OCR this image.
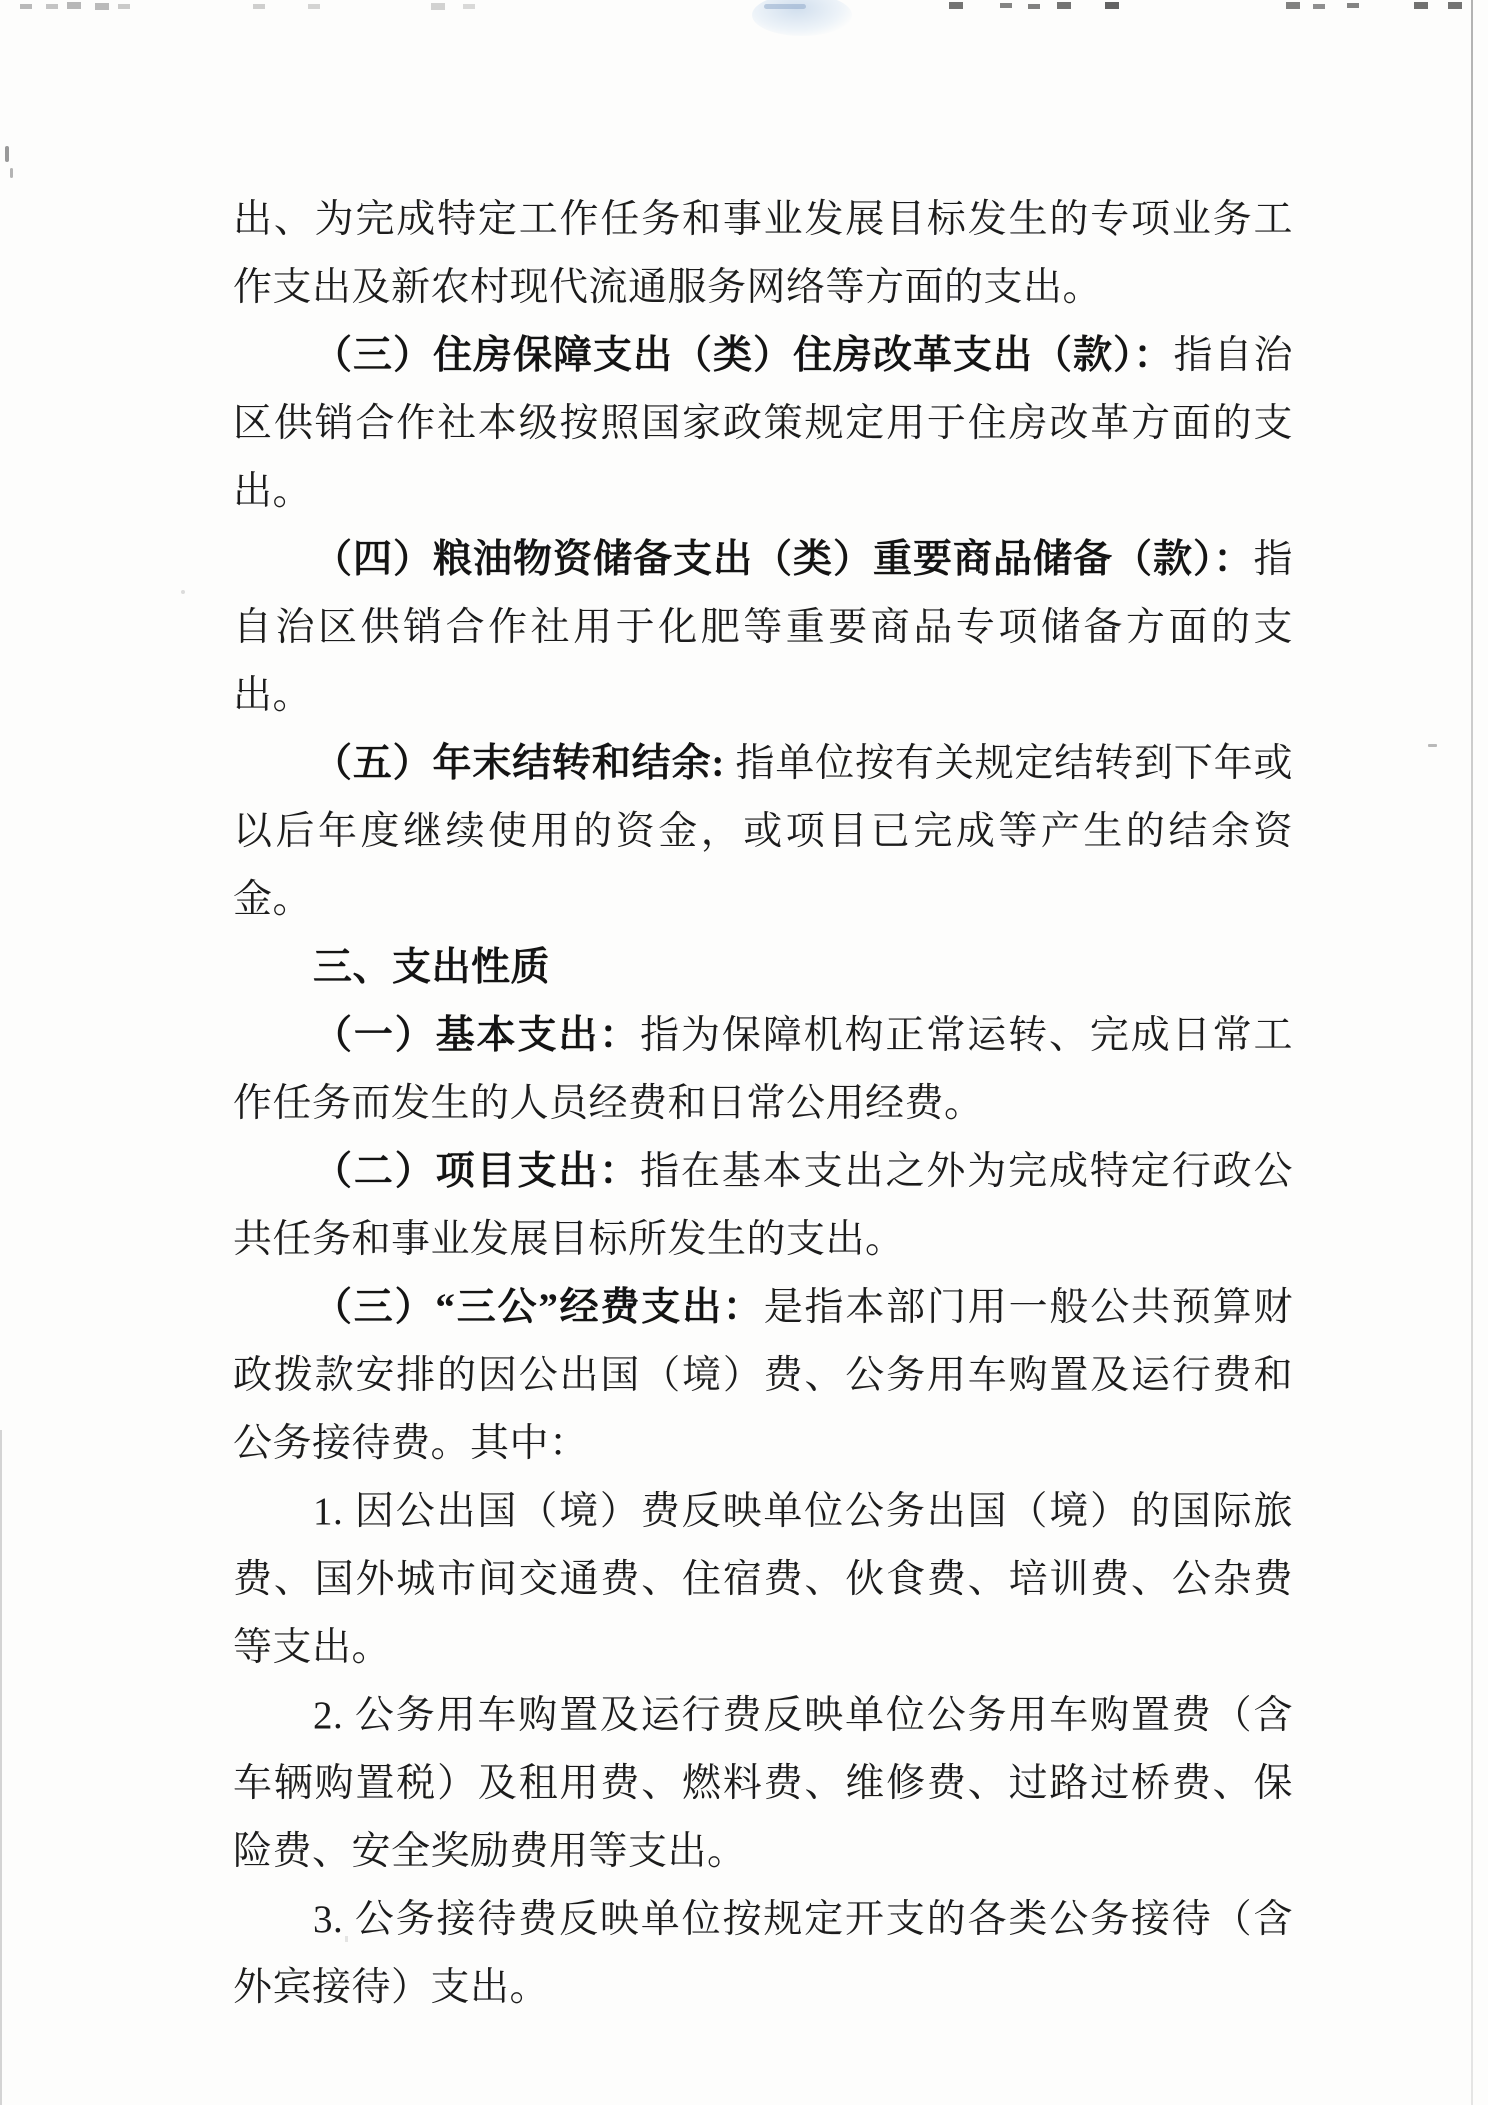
出、为完成特定工作任务和事业发展目标发生的专项业务工作支出及新农村现代流通服务网络等方面的支出。

（三）住房保障支出（类）住房改革支出（款）：指自治区供销合作社本级按照国家政策规定用于住房改革方面的支出。

（四）粮油物资储备支出（类）重要商品储备（款）：指自治区供销合作社用于化肥等重要商品专项储备方面的支出。

（五）年末结转和结余: 指单位按有关规定结转到下年或以后年度继续使用的资金，或项目已完成等产生的结余资金。

三、支出性质

（一）基本支出：指为保障机构正常运转、完成日常工作任务而发生的人员经费和日常公用经费。

（二）项目支出：指在基本支出之外为完成特定行政公共任务和事业发展目标所发生的支出。

（三）“三公”经费支出：是指本部门用一般公共预算财政拨款安排的因公出国（境）费、公务用车购置及运行费和公务接待费。其中：

1. 因公出国（境）费反映单位公务出国（境）的国际旅费、国外城市间交通费、住宿费、伙食费、培训费、公杂费等支出。

2. 公务用车购置及运行费反映单位公务用车购置费（含车辆购置税）及租用费、燃料费、维修费、过路过桥费、保险费、安全奖励费用等支出。

3. 公务接待费反映单位按规定开支的各类公务接待（含外宾接待）支出。
